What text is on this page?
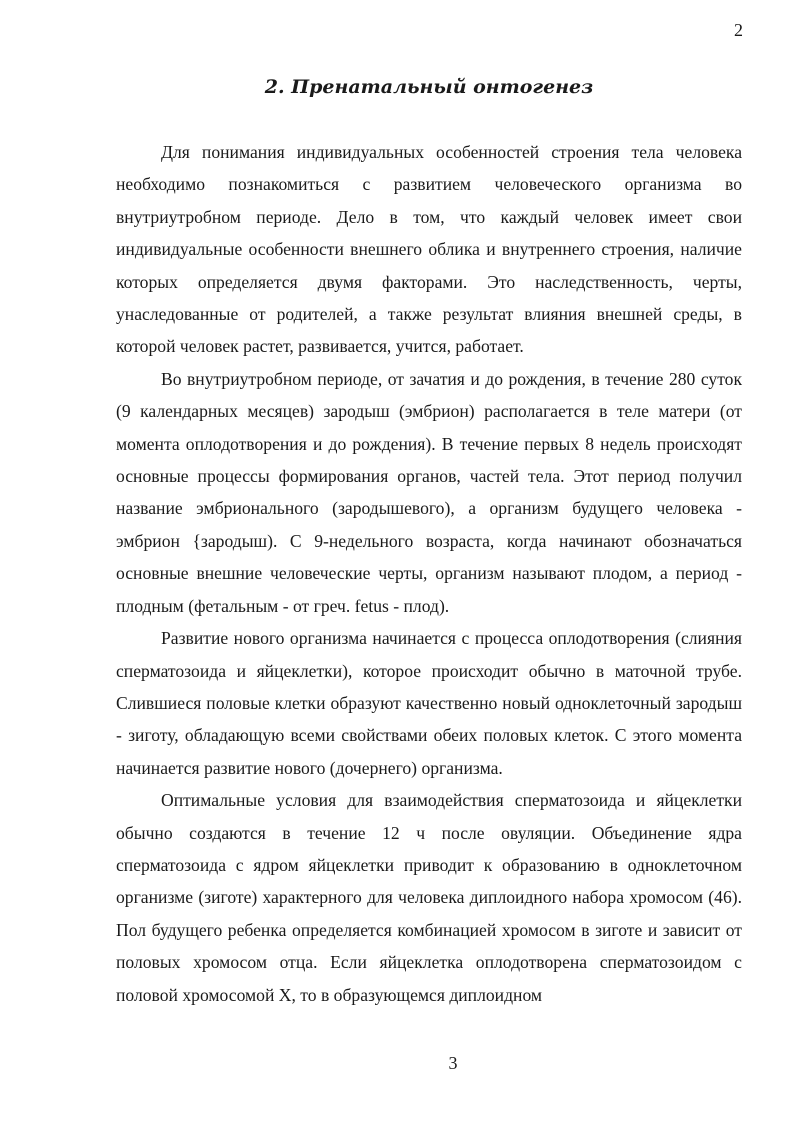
2
2. Пренатальный онтогенез

Для понимания индивидуальных особенностей строения тела человека необходимо познакомиться с развитием человеческого организма во внутриутробном периоде. Дело в том, что каждый человек имеет свои индивидуальные особенности внешнего облика и внутреннего строения, наличие которых определяется двумя факторами. Это наследственность, черты, унаследованные от родителей, а также результат влияния внешней среды, в которой человек растет, развивается, учится, работает.

Во внутриутробном периоде, от зачатия и до рождения, в течение 280 суток (9 календарных месяцев) зародыш (эмбрион) располагается в теле матери (от момента оплодотворения и до рождения). В течение первых 8 недель происходят основные процессы формирования органов, частей тела. Этот период получил название эмбрионального (зародышевого), а организм будущего человека - эмбрион {зародыш). С 9-недельного возраста, когда начинают обозначаться основные внешние человеческие черты, организм называют плодом, а период - плодным (фетальным - от греч. fetus - плод).

Развитие нового организма начинается с процесса оплодотворения (слияния сперматозоида и яйцеклетки), которое происходит обычно в маточной трубе. Слившиеся половые клетки образуют качественно новый одноклеточный зародыш - зиготу, обладающую всеми свойствами обеих половых клеток. С этого момента начинается развитие нового (дочернего) организма.

Оптимальные условия для взаимодействия сперматозоида и яйцеклетки обычно создаются в течение 12 ч после овуляции. Объединение ядра сперматозоида с ядром яйцеклетки приводит к образованию в одноклеточном организме (зиготе) характерного для человека диплоидного набора хромосом (46). Пол будущего ребенка определяется комбинацией хромосом в зиготе и зависит от половых хромосом отца. Если яйцеклетка оплодотворена сперматозоидом с половой хромосомой X, то в образующемся диплоидном

3
